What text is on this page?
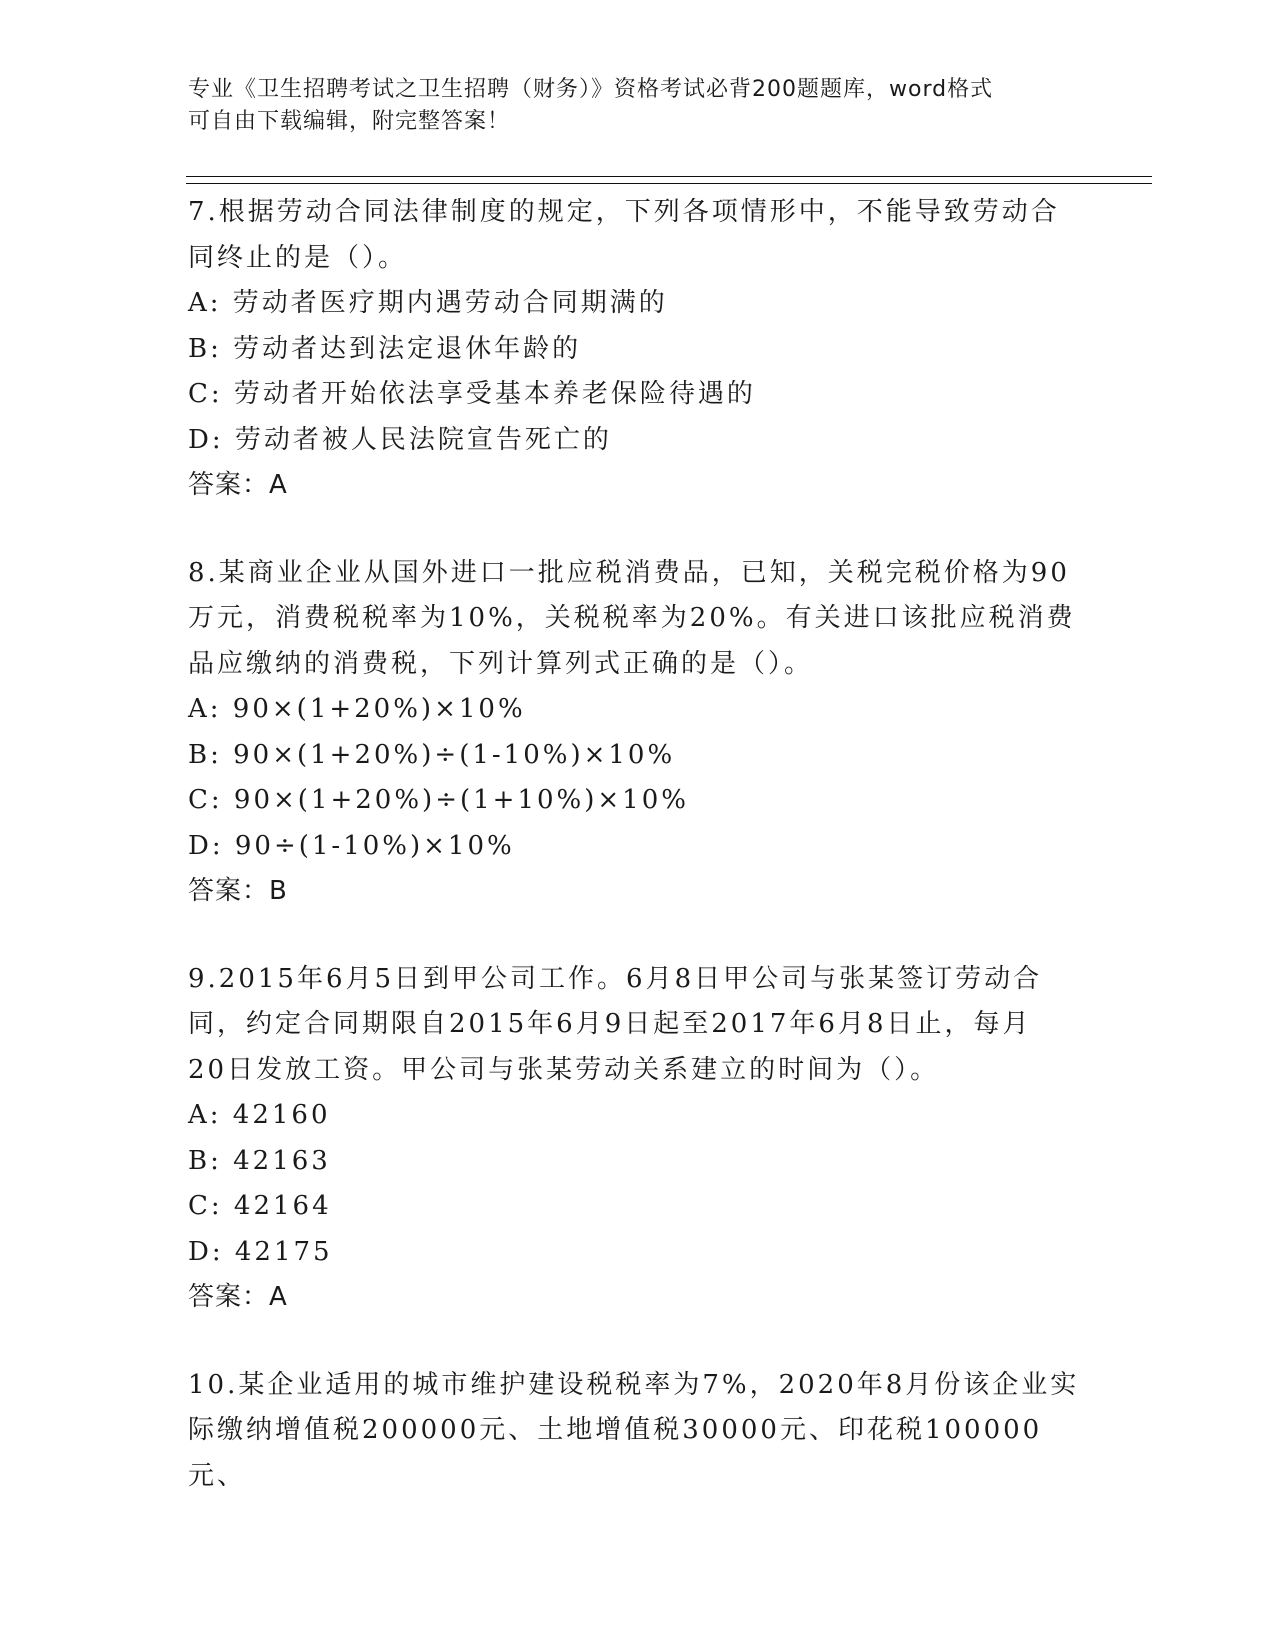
专业《卫生招聘考试之卫生招聘（财务）》资格考试必背200题题库，word格式
可自由下载编辑，附完整答案！

7.根据劳动合同法律制度的规定，下列各项情形中，不能导致劳动合

同终止的是（）。

A: 劳动者医疗期内遇劳动合同期满的

B: 劳动者达到法定退休年龄的

C: 劳动者开始依法享受基本养老保险待遇的

D: 劳动者被人民法院宣告死亡的

答案：A

8.某商业企业从国外进口一批应税消费品，已知，关税完税价格为90

万元，消费税税率为10%，关税税率为20%。有关进口该批应税消费

品应缴纳的消费税，下列计算列式正确的是（）。

A: 90×(1+20%)×10%

B: 90×(1+20%)÷(1-10%)×10%

C: 90×(1+20%)÷(1+10%)×10%

D: 90÷(1-10%)×10%

答案：B

9.2015年6月5日到甲公司工作。6月8日甲公司与张某签订劳动合

同，约定合同期限自2015年6月9日起至2017年6月8日止，每月

20日发放工资。甲公司与张某劳动关系建立的时间为（）。

A: 42160

B: 42163

C: 42164

D: 42175

答案：A

10.某企业适用的城市维护建设税税率为7%，2020年8月份该企业实

际缴纳增值税200000元、土地增值税30000元、印花税100000元、
